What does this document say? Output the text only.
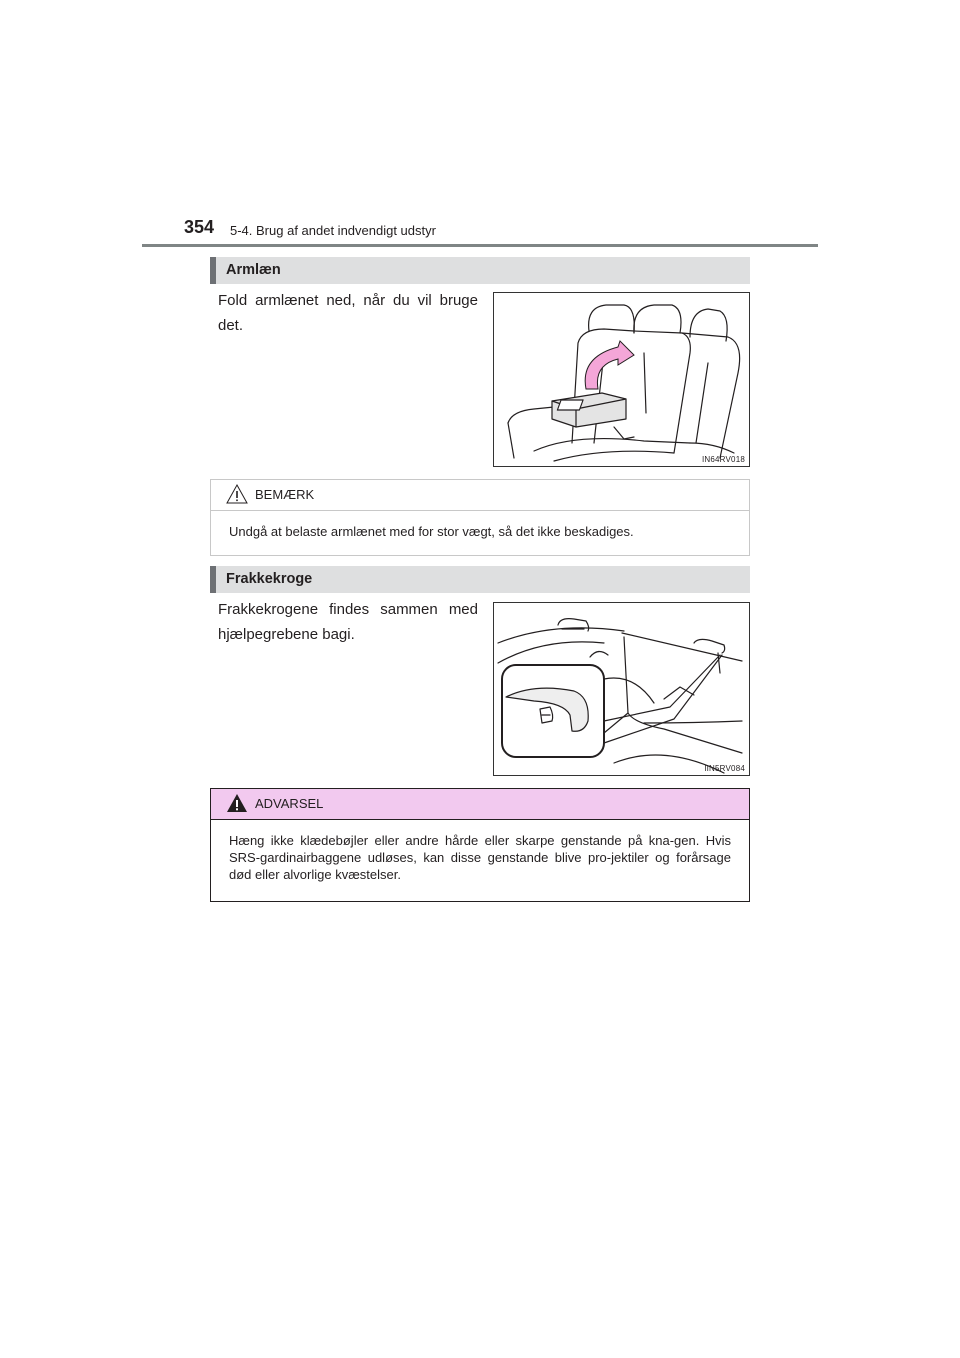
354 5-4. Brug af andet indvendigt udstyr
Armlæn
Fold armlænet ned, når du vil bruge det.
IN64RV018
BEMÆRK
Undgå at belaste armlænet med for stor vægt, så det ikke beskadiges.
Frakkekroge
Frakkekrogene findes sammen med hjælpegrebene bagi.
IIN5RV084
ADVARSEL
Hæng ikke klædebøjler eller andre hårde eller skarpe genstande på kna-gen. Hvis SRS-gardinairbaggene udløses, kan disse genstande blive pro-jektiler og forårsage død eller alvorlige kvæstelser.
